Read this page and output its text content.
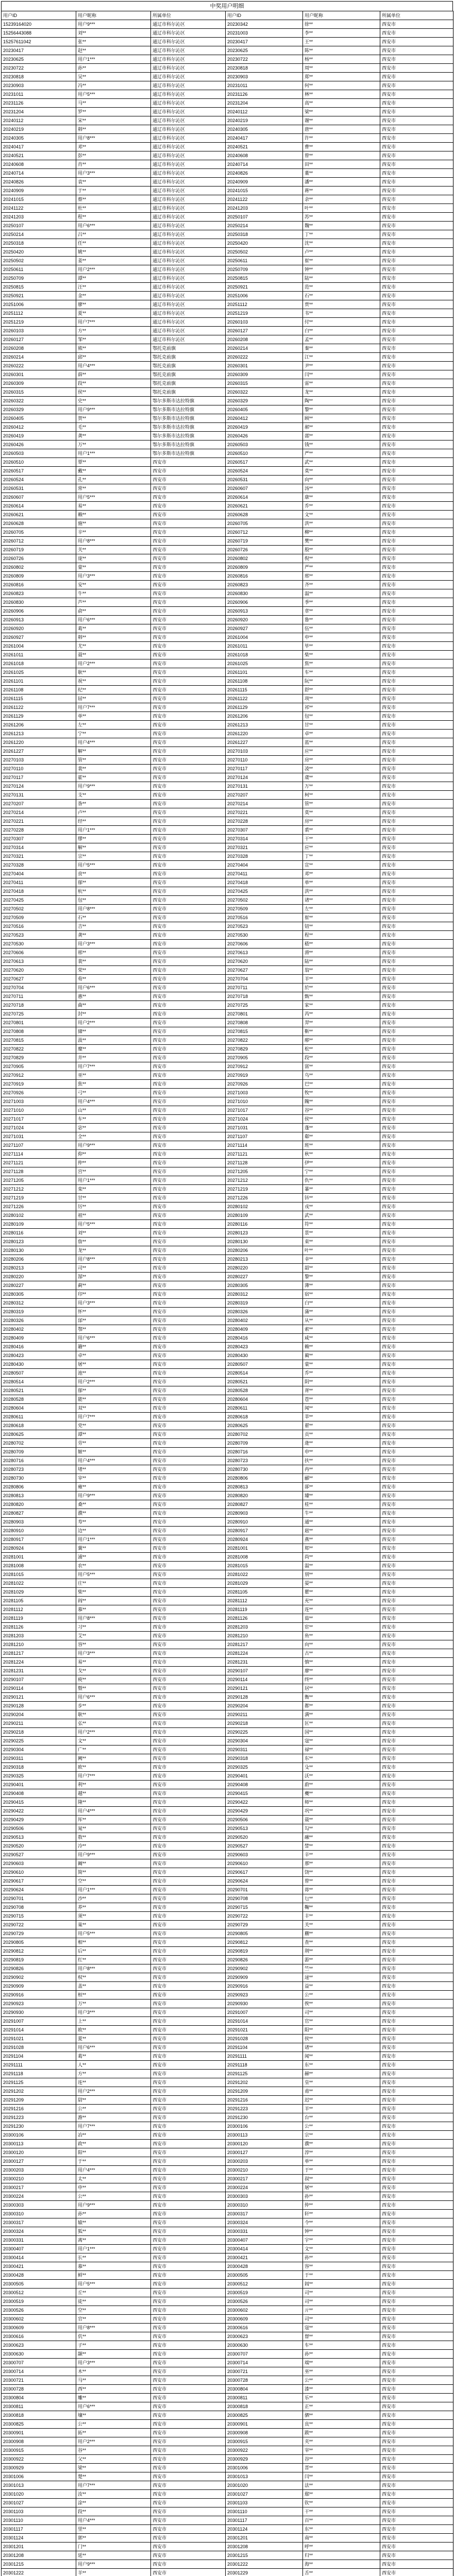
中奖用户明细
用户ID	用户昵称	所属单位	用户ID	用户昵称	所属单位
15239164020	用户9***	通辽市科尔沁区	20230342	徐**	西安市
15256443088	刘**	通辽市科尔沁区	20231003	李**	西安市
15257611042	张**	通辽市科尔沁区	20230417	王**	西安市
20230417	赵**	通辽市科尔沁区	20230625	陈**	西安市
20230625	用户1***	通辽市科尔沁区	20230722	杨**	西安市
20230722	孙**	通辽市科尔沁区	20230818	周**	西安市
20230818	吴**	通辽市科尔沁区	20230903	郑**	西安市
20230903	冯**	通辽市科尔沁区	20231011	何**	西安市
20231011	用户5***	通辽市科尔沁区	20231126	林**	西安市
20231126	马**	通辽市科尔沁区	20231204	高**	西安市
20231204	罗**	通辽市科尔沁区	20240112	梁**	西安市
20240112	宋**	通辽市科尔沁区	20240219	谢**	西安市
20240219	韩**	通辽市科尔沁区	20240305	唐**	西安市
20240305	用户8***	通辽市科尔沁区	20240417	许**	西安市
20240417	邓**	通辽市科尔沁区	20240521	曹**	西安市
20240521	彭**	通辽市科尔沁区	20240608	曾**	西安市
20240608	肖**	通辽市科尔沁区	20240714	田**	西安市
20240714	用户3***	通辽市科尔沁区	20240826	董**	西安市
20240826	袁**	通辽市科尔沁区	20240909	潘**	西安市
20240909	于**	通辽市科尔沁区	20241015	蒋**	西安市
20241015	蔡**	通辽市科尔沁区	20241122	余**	西安市
20241122	杜**	通辽市科尔沁区	20241203	叶**	西安市
20241203	程**	通辽市科尔沁区	20250107	苏**	西安市
20250107	用户6***	通辽市科尔沁区	20250214	魏**	西安市
20250214	吕**	通辽市科尔沁区	20250318	丁**	西安市
20250318	任**	通辽市科尔沁区	20250420	沈**	西安市
20250420	姚**	通辽市科尔沁区	20250502	卢**	西安市
20250502	姜**	通辽市科尔沁区	20250611	崔**	西安市
20250611	用户2***	通辽市科尔沁区	20250709	钟**	西安市
20250709	谭**	通辽市科尔沁区	20250815	陆**	西安市
20250815	汪**	通辽市科尔沁区	20250921	范**	西安市
20250921	金**	通辽市科尔沁区	20251006	石**	西安市
20251006	廖**	通辽市科尔沁区	20251112	贾**	西安市
20251112	夏**	通辽市科尔沁区	20251219	韦**	西安市
20251219	用户7***	通辽市科尔沁区	20260103	付**	西安市
20260103	方**	通辽市科尔沁区	20260127	白**	西安市
20260127	邹**	通辽市科尔沁区	20260208	孟**	西安市
20260208	熊**	鄂托克前旗	20260214	秦**	西安市
20260214	邱**	鄂托克前旗	20260222	江**	西安市
20260222	用户4***	鄂托克前旗	20260301	尹**	西安市
20260301	薛**	鄂托克前旗	20260309	闫**	西安市
20260309	段**	鄂托克前旗	20260315	雷**	西安市
20260315	侯**	鄂托克前旗	20260322	龙**	西安市
20260322	史**	鄂尔多斯市达拉特旗	20260329	陶**	西安市
20260329	用户9***	鄂尔多斯市达拉特旗	20260405	黎**	西安市
20260405	贺**	鄂尔多斯市达拉特旗	20260412	顾**	西安市
20260412	毛**	鄂尔多斯市达拉特旗	20260419	郝**	西安市
20260419	龚**	鄂尔多斯市达拉特旗	20260426	邵**	西安市
20260426	万**	鄂尔多斯市达拉特旗	20260503	钱**	西安市
20260503	用户1***	鄂尔多斯市达拉特旗	20260510	严**	西安市
20260510	覃**	西安市	20260517	武**	西安市
20260517	戴**	西安市	20260524	莫**	西安市
20260524	孔**	西安市	20260531	向**	西安市
20260531	常**	西安市	20260607	汤**	西安市
20260607	用户5***	西安市	20260614	康**	西安市
20260614	易**	西安市	20260621	乔**	西安市
20260621	赖**	西安市	20260628	文**	西安市
20260628	施**	西安市	20260705	洪**	西安市
20260705	辛**	西安市	20260712	柳**	西安市
20260712	用户8***	西安市	20260719	樊**	西安市
20260719	关**	西安市	20260726	殷**	西安市
20260726	庞**	西安市	20260802	倪**	西安市
20260802	蒙**	西安市	20260809	严**	西安市
20260809	用户3***	西安市	20260816	邢**	西安市
20260816	安**	西安市	20260823	齐**	西安市
20260823	牛**	西安市	20260830	温**	西安市
20260830	芦**	西安市	20260906	季**	西安市
20260906	俞**	西安市	20260913	章**	西安市
20260913	用户6***	西安市	20260920	鲁**	西安市
20260920	葛**	西安市	20260927	伍**	西安市
20260927	韩**	西安市	20261004	申**	西安市
20261004	尤**	西安市	20261011	毕**	西安市
20261011	聂**	西安市	20261018	柴**	西安市
20261018	用户2***	西安市	20261025	焦**	西安市
20261025	耿**	西安市	20261101	车**	西安市
20261101	祝**	西安市	20261108	阮**	西安市
20261108	纪**	西安市	20261115	舒**	西安市
20261115	屈**	西安市	20261122	项**	西安市
20261122	用户7***	西安市	20261129	祁**	西安市
20261129	单**	西安市	20261206	包**	西安市
20261206	左**	西安市	20261213	甘**	西安市
20261213	宁**	西安市	20261220	卓**	西安市
20261220	用户4***	西安市	20261227	蓝**	西安市
20261227	解**	西安市	20270103	应**	西安市
20270103	管**	西安市	20270110	房**	西安市
20270110	裴**	西安市	20270117	凌**	西安市
20270117	霍**	西安市	20270124	虞**	西安市
20270124	用户9***	西安市	20270131	万**	西安市
20270131	支**	西安市	20270207	柯**	西安市
20270207	昝**	西安市	20270214	管**	西安市
20270214	卢**	西安市	20270221	莫**	西安市
20270221	经**	西安市	20270228	房**	西安市
20270228	用户1***	西安市	20270307	裘**	西安市
20270307	缪**	西安市	20270314	干**	西安市
20270314	解**	西安市	20270321	应**	西安市
20270321	宗**	西安市	20270328	丁**	西安市
20270328	用户5***	西安市	20270404	宣**	西安市
20270404	贲**	西安市	20270411	邓**	西安市
20270411	郁**	西安市	20270418	单**	西安市
20270418	杭**	西安市	20270425	洪**	西安市
20270425	包**	西安市	20270502	诸**	西安市
20270502	用户8***	西安市	20270509	左**	西安市
20270509	石**	西安市	20270516	崔**	西安市
20270516	吉**	西安市	20270523	钮**	西安市
20270523	龚**	西安市	20270530	程**	西安市
20270530	用户3***	西安市	20270606	嵇**	西安市
20270606	邢**	西安市	20270613	滑**	西安市
20270613	裴**	西安市	20270620	陆**	西安市
20270620	荣**	西安市	20270627	翁**	西安市
20270627	荀**	西安市	20270704	羊**	西安市
20270704	用户6***	西安市	20270711	於**	西安市
20270711	惠**	西安市	20270718	甄**	西安市
20270718	曲**	西安市	20270725	家**	西安市
20270725	封**	西安市	20270801	芮**	西安市
20270801	用户2***	西安市	20270808	羿**	西安市
20270808	储**	西安市	20270815	靳**	西安市
20270815	汲**	西安市	20270822	邴**	西安市
20270822	糜**	西安市	20270829	松**	西安市
20270829	井**	西安市	20270905	段**	西安市
20270905	用户7***	西安市	20270912	富**	西安市
20270912	巫**	西安市	20270919	乌**	西安市
20270919	焦**	西安市	20270926	巴**	西安市
20270926	弓**	西安市	20271003	牧**	西安市
20271003	用户4***	西安市	20271010	隗**	西安市
20271010	山**	西安市	20271017	谷**	西安市
20271017	车**	西安市	20271024	侯**	西安市
20271024	宓**	西安市	20271031	蓬**	西安市
20271031	全**	西安市	20271107	郗**	西安市
20271107	用户9***	西安市	20271114	班**	西安市
20271114	仰**	西安市	20271121	秋**	西安市
20271121	仲**	西安市	20271128	伊**	西安市
20271128	宫**	西安市	20271205	宁**	西安市
20271205	用户1***	西安市	20271212	仇**	西安市
20271212	栾**	西安市	20271219	暴**	西安市
20271219	甘**	西安市	20271226	钭**	西安市
20271226	厉**	西安市	20280102	戎**	西安市
20280102	祖**	西安市	20280109	武**	西安市
20280109	用户5***	西安市	20280116	符**	西安市
20280116	刘**	西安市	20280123	景**	西安市
20280123	詹**	西安市	20280130	束**	西安市
20280130	龙**	西安市	20280206	叶**	西安市
20280206	用户8***	西安市	20280213	幸**	西安市
20280213	司**	西安市	20280220	韶**	西安市
20280220	郜**	西安市	20280227	黎**	西安市
20280227	蓟**	西安市	20280305	薄**	西安市
20280305	印**	西安市	20280312	宿**	西安市
20280312	用户3***	西安市	20280319	白**	西安市
20280319	怀**	西安市	20280326	蒲**	西安市
20280326	邰**	西安市	20280402	从**	西安市
20280402	鄂**	西安市	20280409	索**	西安市
20280409	用户6***	西安市	20280416	咸**	西安市
20280416	籍**	西安市	20280423	赖**	西安市
20280423	卓**	西安市	20280430	蔺**	西安市
20280430	屠**	西安市	20280507	蒙**	西安市
20280507	池**	西安市	20280514	乔**	西安市
20280514	用户2***	西安市	20280521	阴**	西安市
20280521	郁**	西安市	20280528	胥**	西安市
20280528	能**	西安市	20280604	苍**	西安市
20280604	双**	西安市	20280611	闻**	西安市
20280611	用户7***	西安市	20280618	莘**	西安市
20280618	党**	西安市	20280625	翟**	西安市
20280625	谭**	西安市	20280702	贡**	西安市
20280702	劳**	西安市	20280709	逄**	西安市
20280709	姬**	西安市	20280716	申**	西安市
20280716	用户4***	西安市	20280723	扶**	西安市
20280723	堵**	西安市	20280730	冉**	西安市
20280730	宰**	西安市	20280806	郦**	西安市
20280806	雍**	西安市	20280813	郤**	西安市
20280813	用户9***	西安市	20280820	璩**	西安市
20280820	桑**	西安市	20280827	桂**	西安市
20280827	濮**	西安市	20280903	牛**	西安市
20280903	寿**	西安市	20280910	通**	西安市
20280910	边**	西安市	20280917	扈**	西安市
20280917	用户1***	西安市	20280924	燕**	西安市
20280924	冀**	西安市	20281001	郏**	西安市
20281001	浦**	西安市	20281008	尚**	西安市
20281008	农**	西安市	20281015	温**	西安市
20281015	用户5***	西安市	20281022	别**	西安市
20281022	庄**	西安市	20281029	晏**	西安市
20281029	柴**	西安市	20281105	瞿**	西安市
20281105	阎**	西安市	20281112	充**	西安市
20281112	慕**	西安市	20281119	连**	西安市
20281119	用户8***	西安市	20281126	茹**	西安市
20281126	习**	西安市	20281203	宦**	西安市
20281203	艾**	西安市	20281210	鱼**	西安市
20281210	容**	西安市	20281217	向**	西安市
20281217	用户3***	西安市	20281224	古**	西安市
20281224	易**	西安市	20281231	慎**	西安市
20281231	戈**	西安市	20290107	廖**	西安市
20290107	庾**	西安市	20290114	终**	西安市
20290114	暨**	西安市	20290121	居**	西安市
20290121	用户6***	西安市	20290128	衡**	西安市
20290128	步**	西安市	20290204	都**	西安市
20290204	耿**	西安市	20290211	满**	西安市
20290211	弘**	西安市	20290218	匡**	西安市
20290218	用户2***	西安市	20290225	国**	西安市
20290225	文**	西安市	20290304	寇**	西安市
20290304	广**	西安市	20290311	禄**	西安市
20290311	阙**	西安市	20290318	东**	西安市
20290318	欧**	西安市	20290325	殳**	西安市
20290325	用户7***	西安市	20290401	沃**	西安市
20290401	利**	西安市	20290408	蔚**	西安市
20290408	越**	西安市	20290415	夔**	西安市
20290415	隆**	西安市	20290422	师**	西安市
20290422	用户4***	西安市	20290429	巩**	西安市
20290429	厍**	西安市	20290506	聂**	西安市
20290506	晁**	西安市	20290513	勾**	西安市
20290513	敖**	西安市	20290520	融**	西安市
20290520	冷**	西安市	20290527	訾**	西安市
20290527	用户9***	西安市	20290603	辛**	西安市
20290603	阚**	西安市	20290610	那**	西安市
20290610	简**	西安市	20290617	饶**	西安市
20290617	空**	西安市	20290624	曾**	西安市
20290624	用户1***	西安市	20290701	毋**	西安市
20290701	沙**	西安市	20290708	乜**	西安市
20290708	养**	西安市	20290715	鞠**	西安市
20290715	须**	西安市	20290722	丰**	西安市
20290722	巢**	西安市	20290729	关**	西安市
20290729	用户5***	西安市	20290805	蒯**	西安市
20290805	相**	西安市	20290812	查**	西安市
20290812	后**	西安市	20290819	荆**	西安市
20290819	红**	西安市	20290826	游**	西安市
20290826	用户8***	西安市	20290902	竺**	西安市
20290902	权**	西安市	20290909	逯**	西安市
20290909	盖**	西安市	20290916	益**	西安市
20290916	桓**	西安市	20290923	公**	西安市
20290923	万**	西安市	20290930	俟**	西安市
20290930	用户3***	西安市	20291007	司**	西安市
20291007	上**	西安市	20291014	官**	西安市
20291014	欧**	西安市	20291021	阳**	西安市
20291021	夏**	西安市	20291028	侯**	西安市
20291028	用户6***	西安市	20291104	诸**	西安市
20291104	葛**	西安市	20291111	闻**	西安市
20291111	人**	西安市	20291118	东**	西安市
20291118	方**	西安市	20291125	赫**	西安市
20291125	连**	西安市	20291202	皇**	西安市
20291202	用户2***	西安市	20291209	甫**	西安市
20291209	尉**	西安市	20291216	迟**	西安市
20291216	公**	西安市	20291223	羊**	西安市
20291223	澹**	西安市	20291230	台**	西安市
20291230	用户7***	西安市	20300106	公**	西安市
20300106	冶**	西安市	20300113	宗**	西安市
20300113	政**	西安市	20300120	濮**	西安市
20300120	阳**	西安市	20300127	淳**	西安市
20300127	于**	西安市	20300203	单**	西安市
20300203	用户4***	西安市	20300210	于**	西安市
20300210	太**	西安市	20300217	叔**	西安市
20300217	申**	西安市	20300224	屠**	西安市
20300224	公**	西安市	20300303	孙**	西安市
20300303	用户9***	西安市	20300310	仲**	西安市
20300310	孙**	西安市	20300317	轩**	西安市
20300317	辕**	西安市	20300324	令**	西安市
20300324	狐**	西安市	20300331	钟**	西安市
20300331	离**	西安市	20300407	宇**	西安市
20300407	用户1***	西安市	20300414	文**	西安市
20300414	长**	西安市	20300421	孙**	西安市
20300421	慕**	西安市	20300428	容**	西安市
20300428	鲜**	西安市	20300505	于**	西安市
20300505	用户5***	西安市	20300512	闾**	西安市
20300512	丘**	西安市	20300519	司**	西安市
20300519	徒**	西安市	20300526	司**	西安市
20300526	空**	西安市	20300602	亓**	西安市
20300602	官**	西安市	20300609	司**	西安市
20300609	用户8***	西安市	20300616	寇**	西安市
20300616	仉**	西安市	20300623	督**	西安市
20300623	子**	西安市	20300630	车**	西安市
20300630	颛**	西安市	20300707	孙**	西安市
20300707	用户3***	西安市	20300714	端**	西安市
20300714	木**	西安市	20300721	巫**	西安市
20300721	马**	西安市	20300728	公**	西安市
20300728	西**	西安市	20300804	漆**	西安市
20300804	雕**	西安市	20300811	乐**	西安市
20300811	用户6***	西安市	20300818	正**	西安市
20300818	壤**	西安市	20300825	驷**	西安市
20300825	公**	西安市	20300901	良**	西安市
20300901	拓**	西安市	20300908	跋**	西安市
20300908	用户2***	西安市	20300915	夹**	西安市
20300915	谷**	西安市	20300922	宰**	西安市
20300922	父**	西安市	20300929	谷**	西安市
20300929	梁**	西安市	20301006	晋**	西安市
20301006	楚**	西安市	20301013	闫**	西安市
20301013	用户7***	西安市	20301020	法**	西安市
20301020	汝**	西安市	20301027	鄢**	西安市
20301027	涂**	西安市	20301103	钦**	西安市
20301103	段**	西安市	20301110	干**	西安市
20301110	用户4***	西安市	20301117	百**	西安市
20301117	里**	西安市	20301124	东**	西安市
20301124	郭**	西安市	20301201	南**	西安市
20301201	门**	西安市	20301208	呼**	西安市
20301208	延**	西安市	20301215	归**	西安市
20301215	用户9***	西安市	20301222	海**	西安市
20301222	羊**	西安市	20301229	舌**	西安市
